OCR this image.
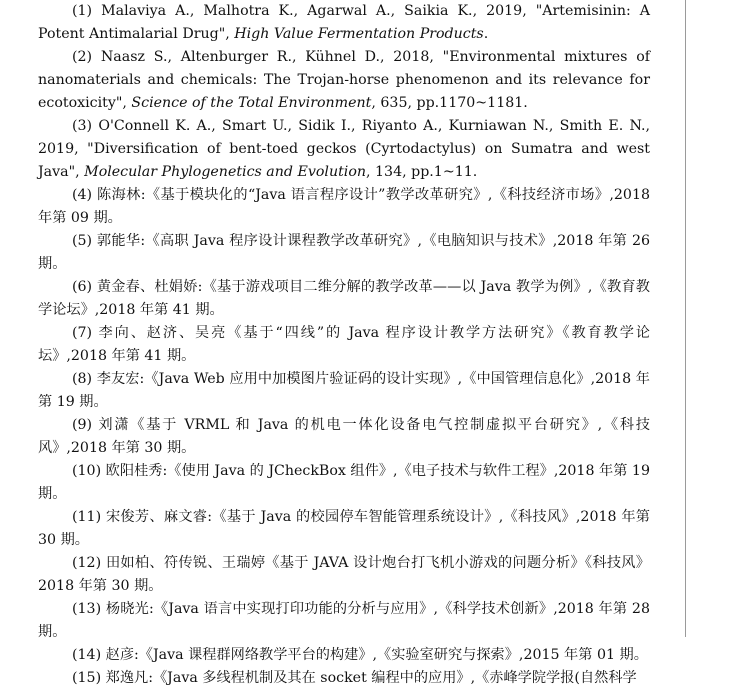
(1) Malaviya A., Malhotra K., Agarwal A., Saikia K., 2019, "Artemisinin: A Potent Antimalarial Drug", High Value Fermentation Products.

(2) Naasz S., Altenburger R., Kühnel D., 2018, "Environmental mixtures of nanomaterials and chemicals: The Trojan-horse phenomenon and its relevance for ecotoxicity", Science of the Total Environment, 635, pp.1170~1181.

(3) O'Connell K. A., Smart U., Sidik I., Riyanto A., Kurniawan N., Smith E. N., 2019, "Diversification of bent-toed geckos (Cyrtodactylus) on Sumatra and west Java", Molecular Phylogenetics and Evolution, 134, pp.1~11.

(4) 陈海林:《基于模块化的“Java 语言程序设计”教学改革研究》,《科技经济市场》,2018 年第 09 期。

(5) 郭能华:《高职 Java 程序设计课程教学改革研究》,《电脑知识与技术》,2018 年第 26 期。

(6) 黄金春、杜娟娇:《基于游戏项目二维分解的教学改革——以 Java 教学为例》,《教育教学论坛》,2018 年第 41 期。

(7) 李向、赵济、吴亮《基于“四线”的 Java 程序设计教学方法研究》《教育教学论坛》,2018 年第 41 期。

(8) 李友宏:《Java Web 应用中加模图片验证码的设计实现》,《中国管理信息化》,2018 年第 19 期。

(9) 刘潇《基于 VRML 和 Java 的机电一体化设备电气控制虚拟平台研究》,《科技风》,2018 年第 30 期。

(10) 欧阳桂秀:《使用 Java 的 JCheckBox 组件》,《电子技术与软件工程》,2018 年第 19 期。

(11) 宋俊芳、麻文睿:《基于 Java 的校园停车智能管理系统设计》,《科技风》,2018 年第 30 期。

(12) 田如柏、符传锐、王瑞婷《基于 JAVA 设计炮台打飞机小游戏的问题分析》《科技风》2018 年第 30 期。

(13) 杨晓光:《Java 语言中实现打印功能的分析与应用》,《科学技术创新》,2018 年第 28 期。

(14) 赵彦:《Java 课程群网络教学平台的构建》,《实验室研究与探索》,2015 年第 01 期。

(15) 郑逸凡:《Java 多线程机制及其在 socket 编程中的应用》,《赤峰学院学报(自然科学
